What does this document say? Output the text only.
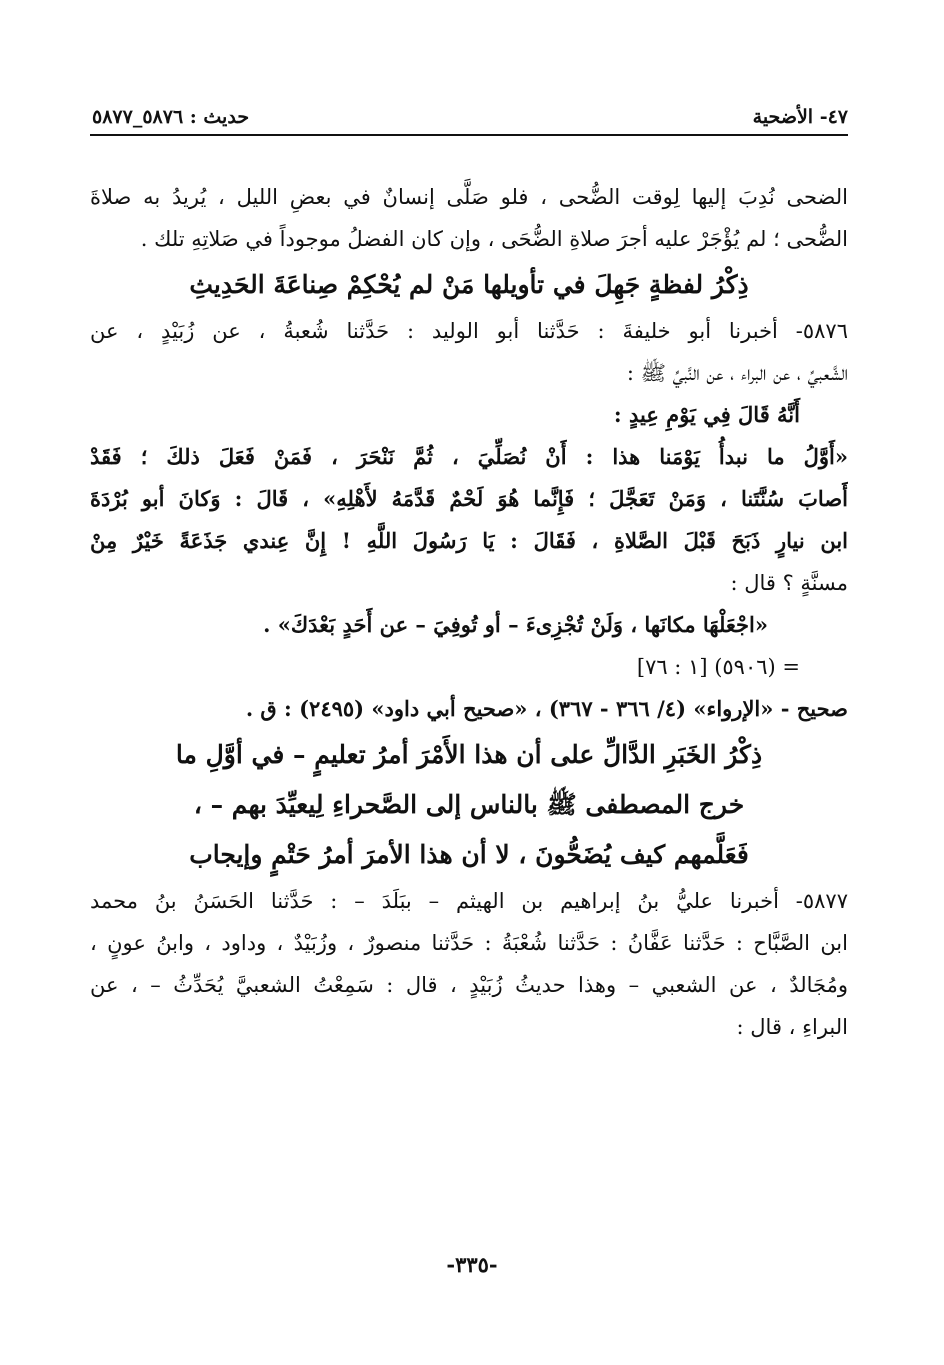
٤٧- الأضحية
حديث : ٥٨٧٦_٥٨٧٧
الضحى نُدِبَ إليها لِوقت الضُّحى ، فلو صَلَّى إنسانٌ في بعضِ الليل ، يُريدُ به صلاةَ
الضُّحى ؛ لم يُؤْجَرْ عليه أجرَ صلاةِ الضُّحَى ، وإن كان الفضلُ موجوداً في صَلاتِهِ تلك .
ذِكْرُ لفظةٍ جَهِلَ في تأويلها مَنْ لم يُحْكِمْ صِناعَةَ الحَدِيثِ
٥٨٧٦- أخبرنا أبو خليفةَ : حَدَّثنا أبو الوليد : حَدَّثنا شُعبةُ ، عن زُبَيْدٍ ، عن
الشَّعبيِّ ، عن البراء ، عن النَّبيِّ ﷺ :
أَنَّهُ قَالَ فِي يَوْمِ عِيدٍ :
«أَوَّلُ ما نبدأُ يَوْمَنا هذا : أَنْ نُصَلِّيَ ، ثُمَّ نَنْحَرَ ، فَمَنْ فَعَلَ ذلكَ ؛ فَقَدْ
أَصابَ سُنَّتَنا ، وَمَنْ تَعَجَّلَ ؛ فَإِنَّما هُوَ لَحْمٌ قَدَّمَهُ لأَهْلِهِ» ، قَالَ : وَكانَ أبو بُرْدَةَ
ابن نيارٍ ذَبَحَ قَبْلَ الصَّلاةِ ، فَقَالَ : يَا رَسُولَ اللَّهِ ! إِنَّ عِندي جَذَعَةً خَيْرٌ مِنْ
مسنَّةٍ ؟ قال :
«اجْعَلْهَا مكانَها ، وَلَنْ تُجْزِىءَ – أو تُوفِيَ – عن أَحَدٍ بَعْدَكَ» .
= (٥٩٠٦) [١ : ٧٦]
صحيح - «الإرواء» (٤/ ٣٦٦ - ٣٦٧) ، «صحيح أبي داود» (٢٤٩٥) : ق .
ذِكْرُ الخَبَرِ الدَّالِّ على أن هذا الأَمْرَ أمرُ تعليمٍ – في أوَّلِ ما
خرج المصطفى ﷺ بالناس إلى الصَّحراءِ لِيعيِّدَ بهم – ،
فَعَلَّمهم كيف يُضَحُّونَ ، لا أن هذا الأمرَ أمرُ حَتْمٍ وإيجاب
٥٨٧٧- أخبرنا عليُّ بنُ إبراهيم بن الهيثم – ببَلَدَ – : حَدَّثنا الحَسَنُ بنُ محمد
ابن الصَّبَّاح : حَدَّثنا عَفَّانُ : حَدَّثنا شُعْبَةُ : حَدَّثنا منصورٌ ، وزُبَيْدٌ ، وداود ، وابنُ عونٍ ،
ومُجَالدٌ ، عن الشعبي – وهذا حديثُ زُبَيْدٍ ، قال : سَمِعْتُ الشعبيَّ يُحَدِّثُ – ، عن
البراءِ ، قال :
-٣٣٥-
